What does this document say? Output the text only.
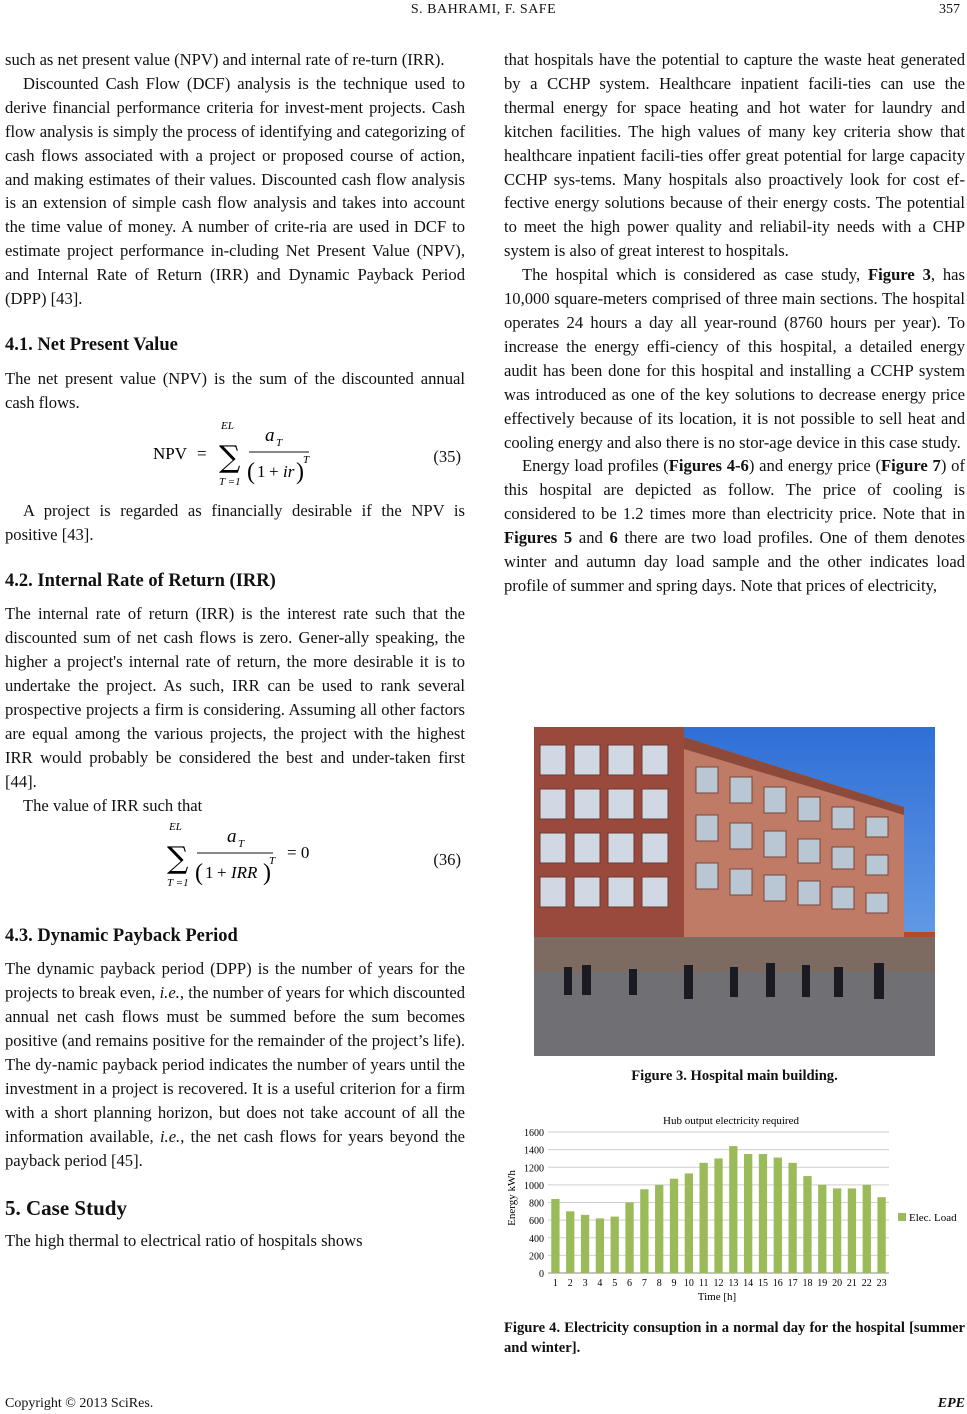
S. BAHRAMI, F. SAFE	357

such as net present value (NPV) and internal rate of re-turn (IRR).

Discounted Cash Flow (DCF) analysis is the technique used to derive financial performance criteria for invest-ment projects. Cash flow analysis is simply the process of identifying and categorizing of cash flows associated with a project or proposed course of action, and making estimates of their values. Discounted cash flow analysis is an extension of simple cash flow analysis and takes into account the time value of money. A number of crite-ria are used in DCF to estimate project performance in-cluding Net Present Value (NPV), and Internal Rate of Return (IRR) and Dynamic Payback Period (DPP) [43].

4.1. Net Present Value

The net present value (NPV) is the sum of the discounted annual cash flows.

NPV =
EL
∑
T =1
a T
( 1 + ir ) T	(35)

A project is regarded as financially desirable if the NPV is positive [43].

4.2. Internal Rate of Return (IRR)

The internal rate of return (IRR) is the interest rate such that the discounted sum of net cash flows is zero. Gener-ally speaking, the higher a project's internal rate of return, the more desirable it is to undertake the project. As such, IRR can be used to rank several prospective projects a firm is considering. Assuming all other factors are equal among the various projects, the project with the highest IRR would probably be considered the best and under-taken first [44].

The value of IRR such that

EL
∑
T =1
a T
( 1 + IRR )
T = 0	(36)
4.3. Dynamic Payback Period

The dynamic payback period (DPP) is the number of years for the projects to break even, i.e., the number of years for which discounted annual net cash flows must be summed before the sum becomes positive (and remains positive for the remainder of the project’s life). The dy-namic payback period indicates the number of years until the investment in a project is recovered. It is a useful criterion for a firm with a short planning horizon, but does not take account of all the information available, i.e., the net cash flows for years beyond the payback period [45].

5. Case Study

The high thermal to electrical ratio of hospitals shows

that hospitals have the potential to capture the waste heat generated by a CCHP system. Healthcare inpatient facili-ties can use the thermal energy for space heating and hot water for laundry and kitchen facilities. The high values of many key criteria show that healthcare inpatient facili-ties offer great potential for large capacity CCHP sys-tems. Many hospitals also proactively look for cost ef-fective energy solutions because of their energy costs. The potential to meet the high power quality and reliabil-ity needs with a CHP system is also of great interest to hospitals.

The hospital which is considered as case study, Figure 3, has 10,000 square-meters comprised of three main sections. The hospital operates 24 hours a day all year-round (8760 hours per year). To increase the energy effi-ciency of this hospital, a detailed energy audit has been done for this hospital and installing a CCHP system was introduced as one of the key solutions to decrease energy price effectively because of its location, it is not possible to sell heat and cooling energy and also there is no stor-age device in this case study.

Energy load profiles (Figures 4-6) and energy price (Figure 7) of this hospital are depicted as follow. The price of cooling is considered to be 1.2 times more than electricity price. Note that in Figures 5 and 6 there are two load profiles. One of them denotes winter and autumn day load sample and the other indicates load profile of summer and spring days. Note that prices of electricity,

Figure 3. Hospital main building.
0
200
400
600
800
1000
1200
1400
1600
1 2 3 4 5 6 7 8 9 10 11 12 13 14 15 16 17 18 19 20 21 22 23
Hub output electricity required
Time [h]
Energy kWh	Elec. Load
Figure 4. Electricity consuption in a normal day for the hospital [summer and winter].
Copyright © 2013 SciRes.	EPE
